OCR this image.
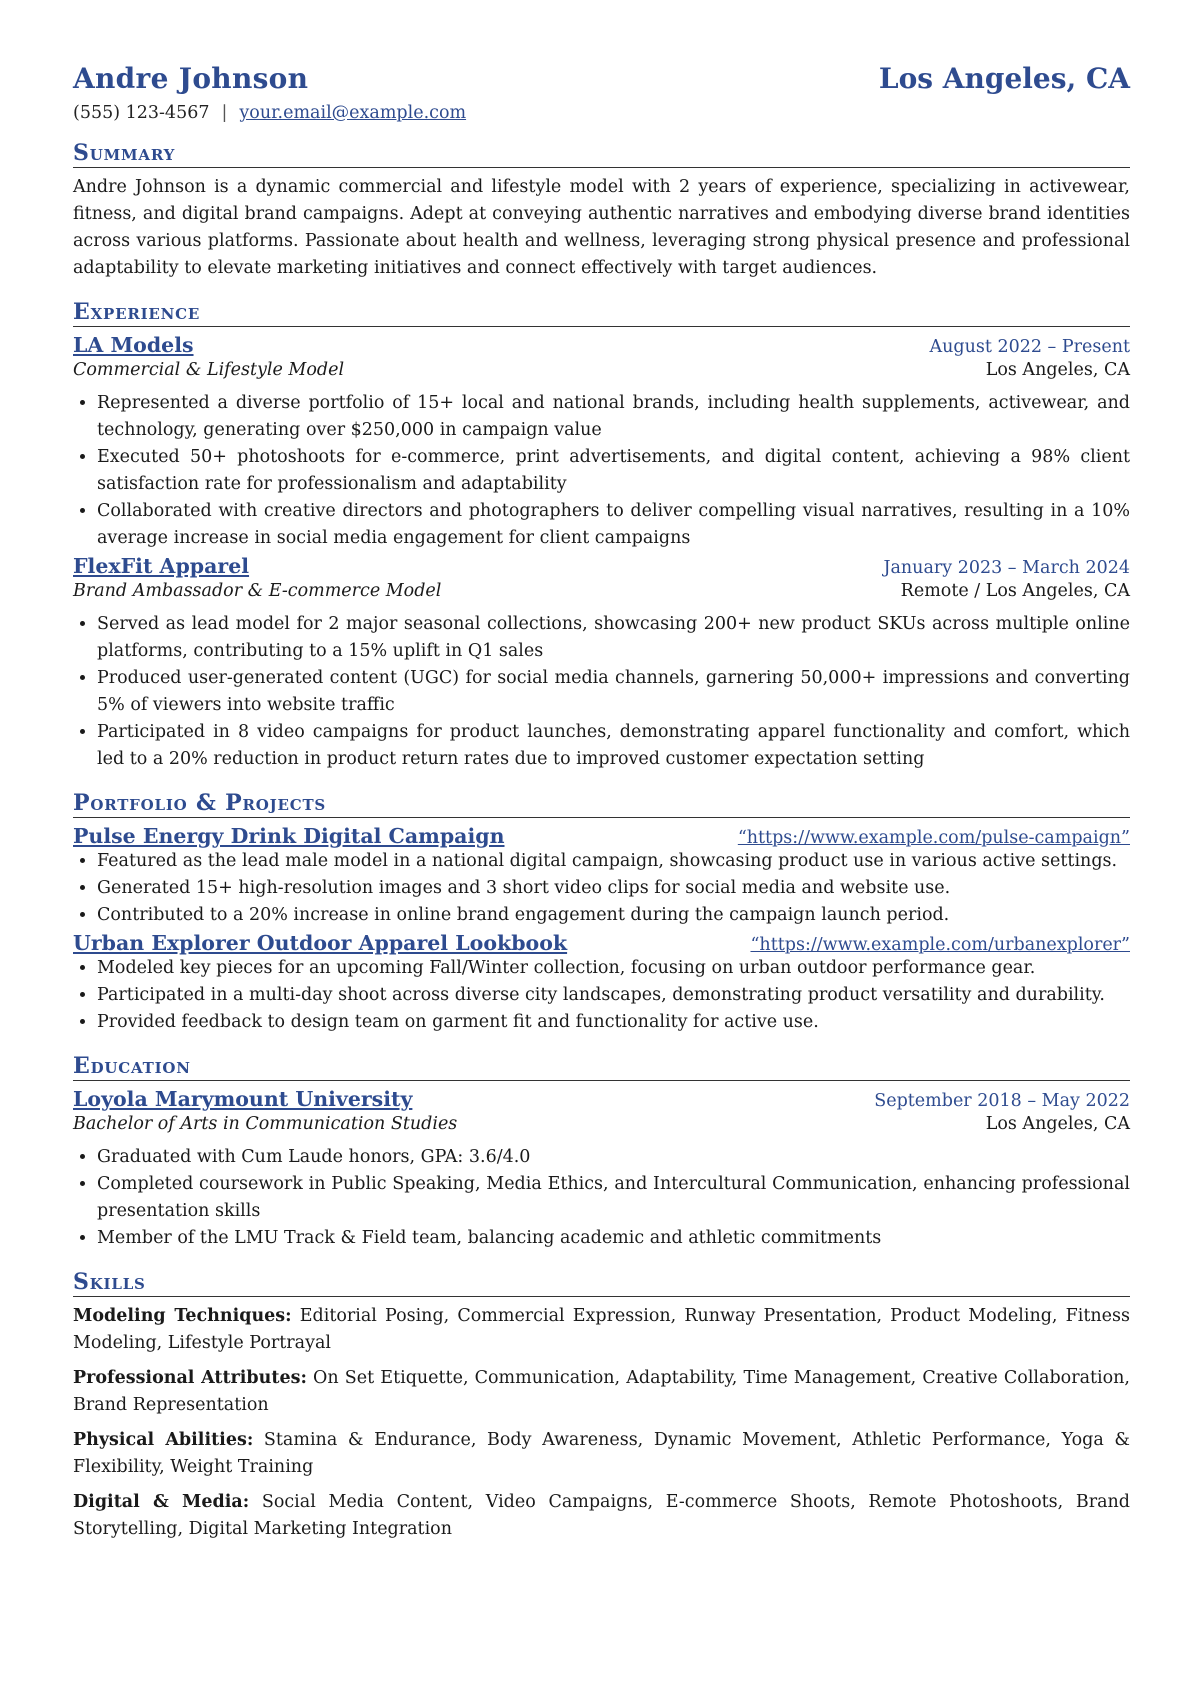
Andre Johnson	Los Angeles, CA
(555) 123-4567 | your.email@example.com
Summary

Andre Johnson is a dynamic commercial and lifestyle model with 2 years of experience, specializing in activewear, fitness, and digital brand campaigns. Adept at conveying authentic narratives and embodying diverse brand identities across various platforms. Passionate about health and wellness, leveraging strong physical presence and professional adaptability to elevate marketing initiatives and connect effectively with target audiences.

Experience
LA Models	August 2022 – Present
Commercial & Lifestyle Model	Los Angeles, CA
• Represented a diverse portfolio of 15+ local and national brands, including health supplements, activewear, and technology, generating over $250,000 in campaign value
• Executed 50+ photoshoots for e-commerce, print advertisements, and digital content, achieving a 98% client satisfaction rate for professionalism and adaptability
• Collaborated with creative directors and photographers to deliver compelling visual narratives, resulting in a 10% average increase in social media engagement for client campaigns
FlexFit Apparel	January 2023 – March 2024
Brand Ambassador & E-commerce Model	Remote / Los Angeles, CA
• Served as lead model for 2 major seasonal collections, showcasing 200+ new product SKUs across multiple online platforms, contributing to a 15% uplift in Q1 sales
• Produced user-generated content (UGC) for social media channels, garnering 50,000+ impressions and converting 5% of viewers into website traffic
• Participated in 8 video campaigns for product launches, demonstrating apparel functionality and comfort, which led to a 20% reduction in product return rates due to improved customer expectation setting
Portfolio & Projects
Pulse Energy Drink Digital Campaign	“https://www.example.com/pulse-campaign”
• Featured as the lead male model in a national digital campaign, showcasing product use in various active settings.
• Generated 15+ high-resolution images and 3 short video clips for social media and website use.
• Contributed to a 20% increase in online brand engagement during the campaign launch period.
Urban Explorer Outdoor Apparel Lookbook	“https://www.example.com/urbanexplorer”
• Modeled key pieces for an upcoming Fall/Winter collection, focusing on urban outdoor performance gear.
• Participated in a multi-day shoot across diverse city landscapes, demonstrating product versatility and durability.
• Provided feedback to design team on garment fit and functionality for active use.
Education
Loyola Marymount University	September 2018 – May 2022
Bachelor of Arts in Communication Studies	Los Angeles, CA
• Graduated with Cum Laude honors, GPA: 3.6/4.0
• Completed coursework in Public Speaking, Media Ethics, and Intercultural Communication, enhancing professional presentation skills
• Member of the LMU Track & Field team, balancing academic and athletic commitments
Skills

Modeling Techniques: Editorial Posing, Commercial Expression, Runway Presentation, Product Modeling, Fitness Modeling, Lifestyle Portrayal

Professional Attributes: On Set Etiquette, Communication, Adaptability, Time Management, Creative Collaboration, Brand Representation

Physical Abilities: Stamina & Endurance, Body Awareness, Dynamic Movement, Athletic Performance, Yoga & Flexibility, Weight Training

Digital & Media: Social Media Content, Video Campaigns, E-commerce Shoots, Remote Photoshoots, Brand Storytelling, Digital Marketing Integration
